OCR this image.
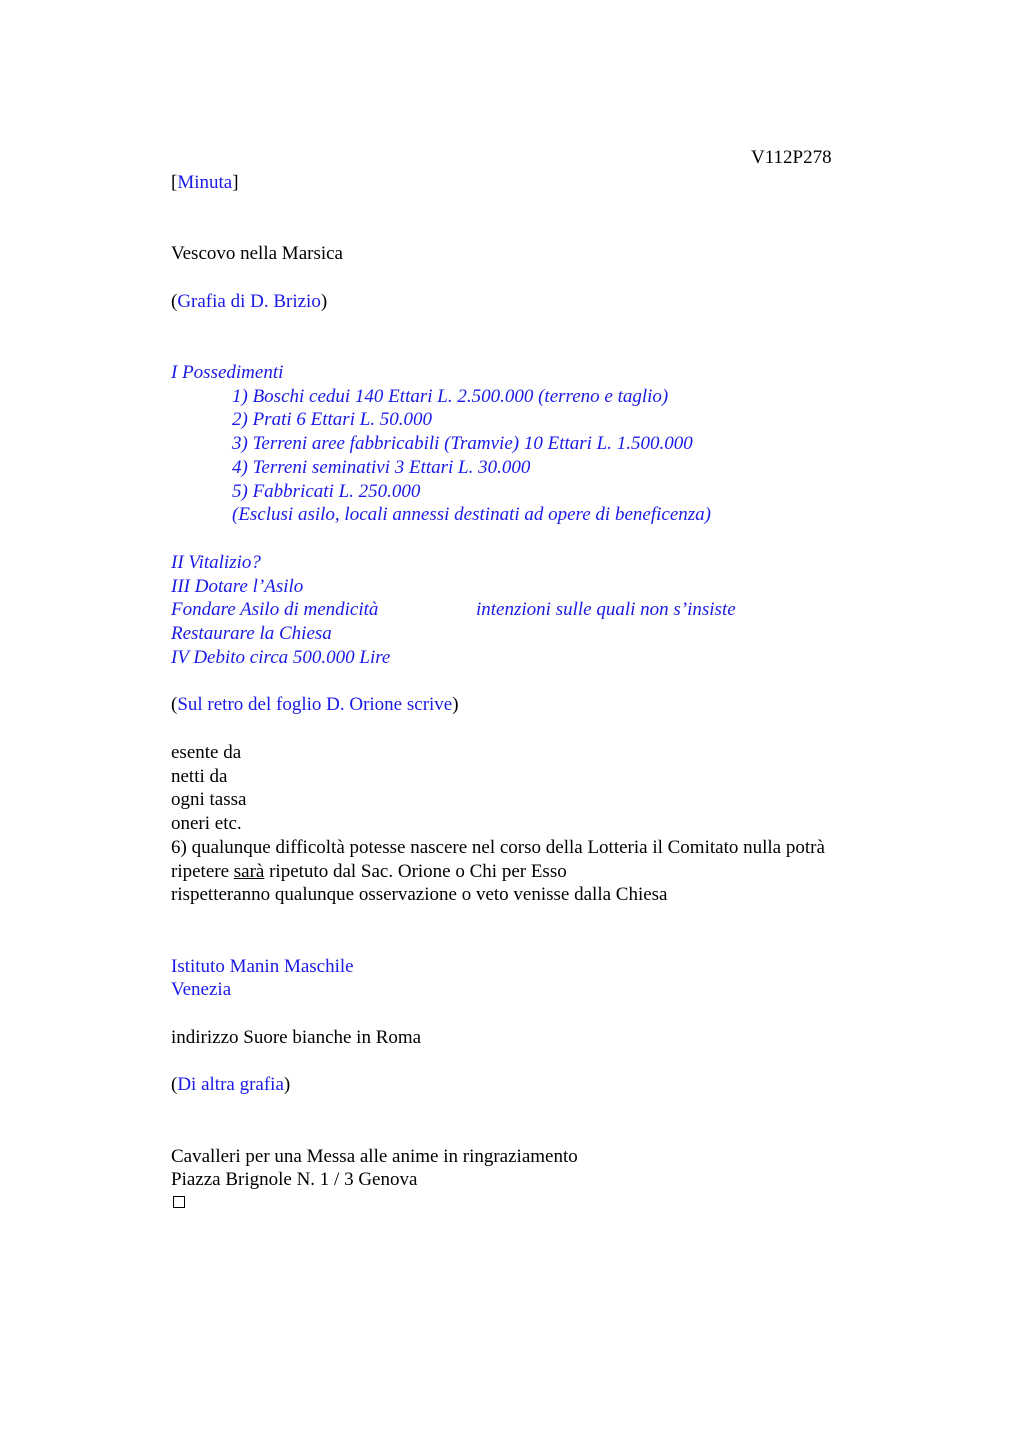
V112P278
[Minuta]
Vescovo nella Marsica
(Grafia di D. Brizio)
I Possedimenti
1) Boschi cedui 140 Ettari L. 2.500.000 (terreno e taglio)
2) Prati 6 Ettari L. 50.000
3) Terreni aree fabbricabili (Tramvie) 10 Ettari L. 1.500.000
4) Terreni seminativi 3 Ettari L. 30.000
5) Fabbricati L. 250.000
(Esclusi asilo, locali annessi destinati ad opere di beneficenza)
II Vitalizio?
III Dotare l’Asilo
Fondare Asilo di mendicità	intenzioni sulle quali non s’insiste
Restaurare la Chiesa
IV Debito circa 500.000 Lire
(Sul retro del foglio D. Orione scrive)
esente da
netti da
ogni tassa
oneri etc.
6) qualunque difficoltà potesse nascere nel corso della Lotteria il Comitato nulla potrà
ripetere sarà ripetuto dal Sac. Orione o Chi per Esso
rispetteranno qualunque osservazione o veto venisse dalla Chiesa
Istituto Manin Maschile
Venezia
indirizzo Suore bianche in Roma
(Di altra grafia)
Cavalleri per una Messa alle anime in ringraziamento
Piazza Brignole N. 1 / 3 Genova
